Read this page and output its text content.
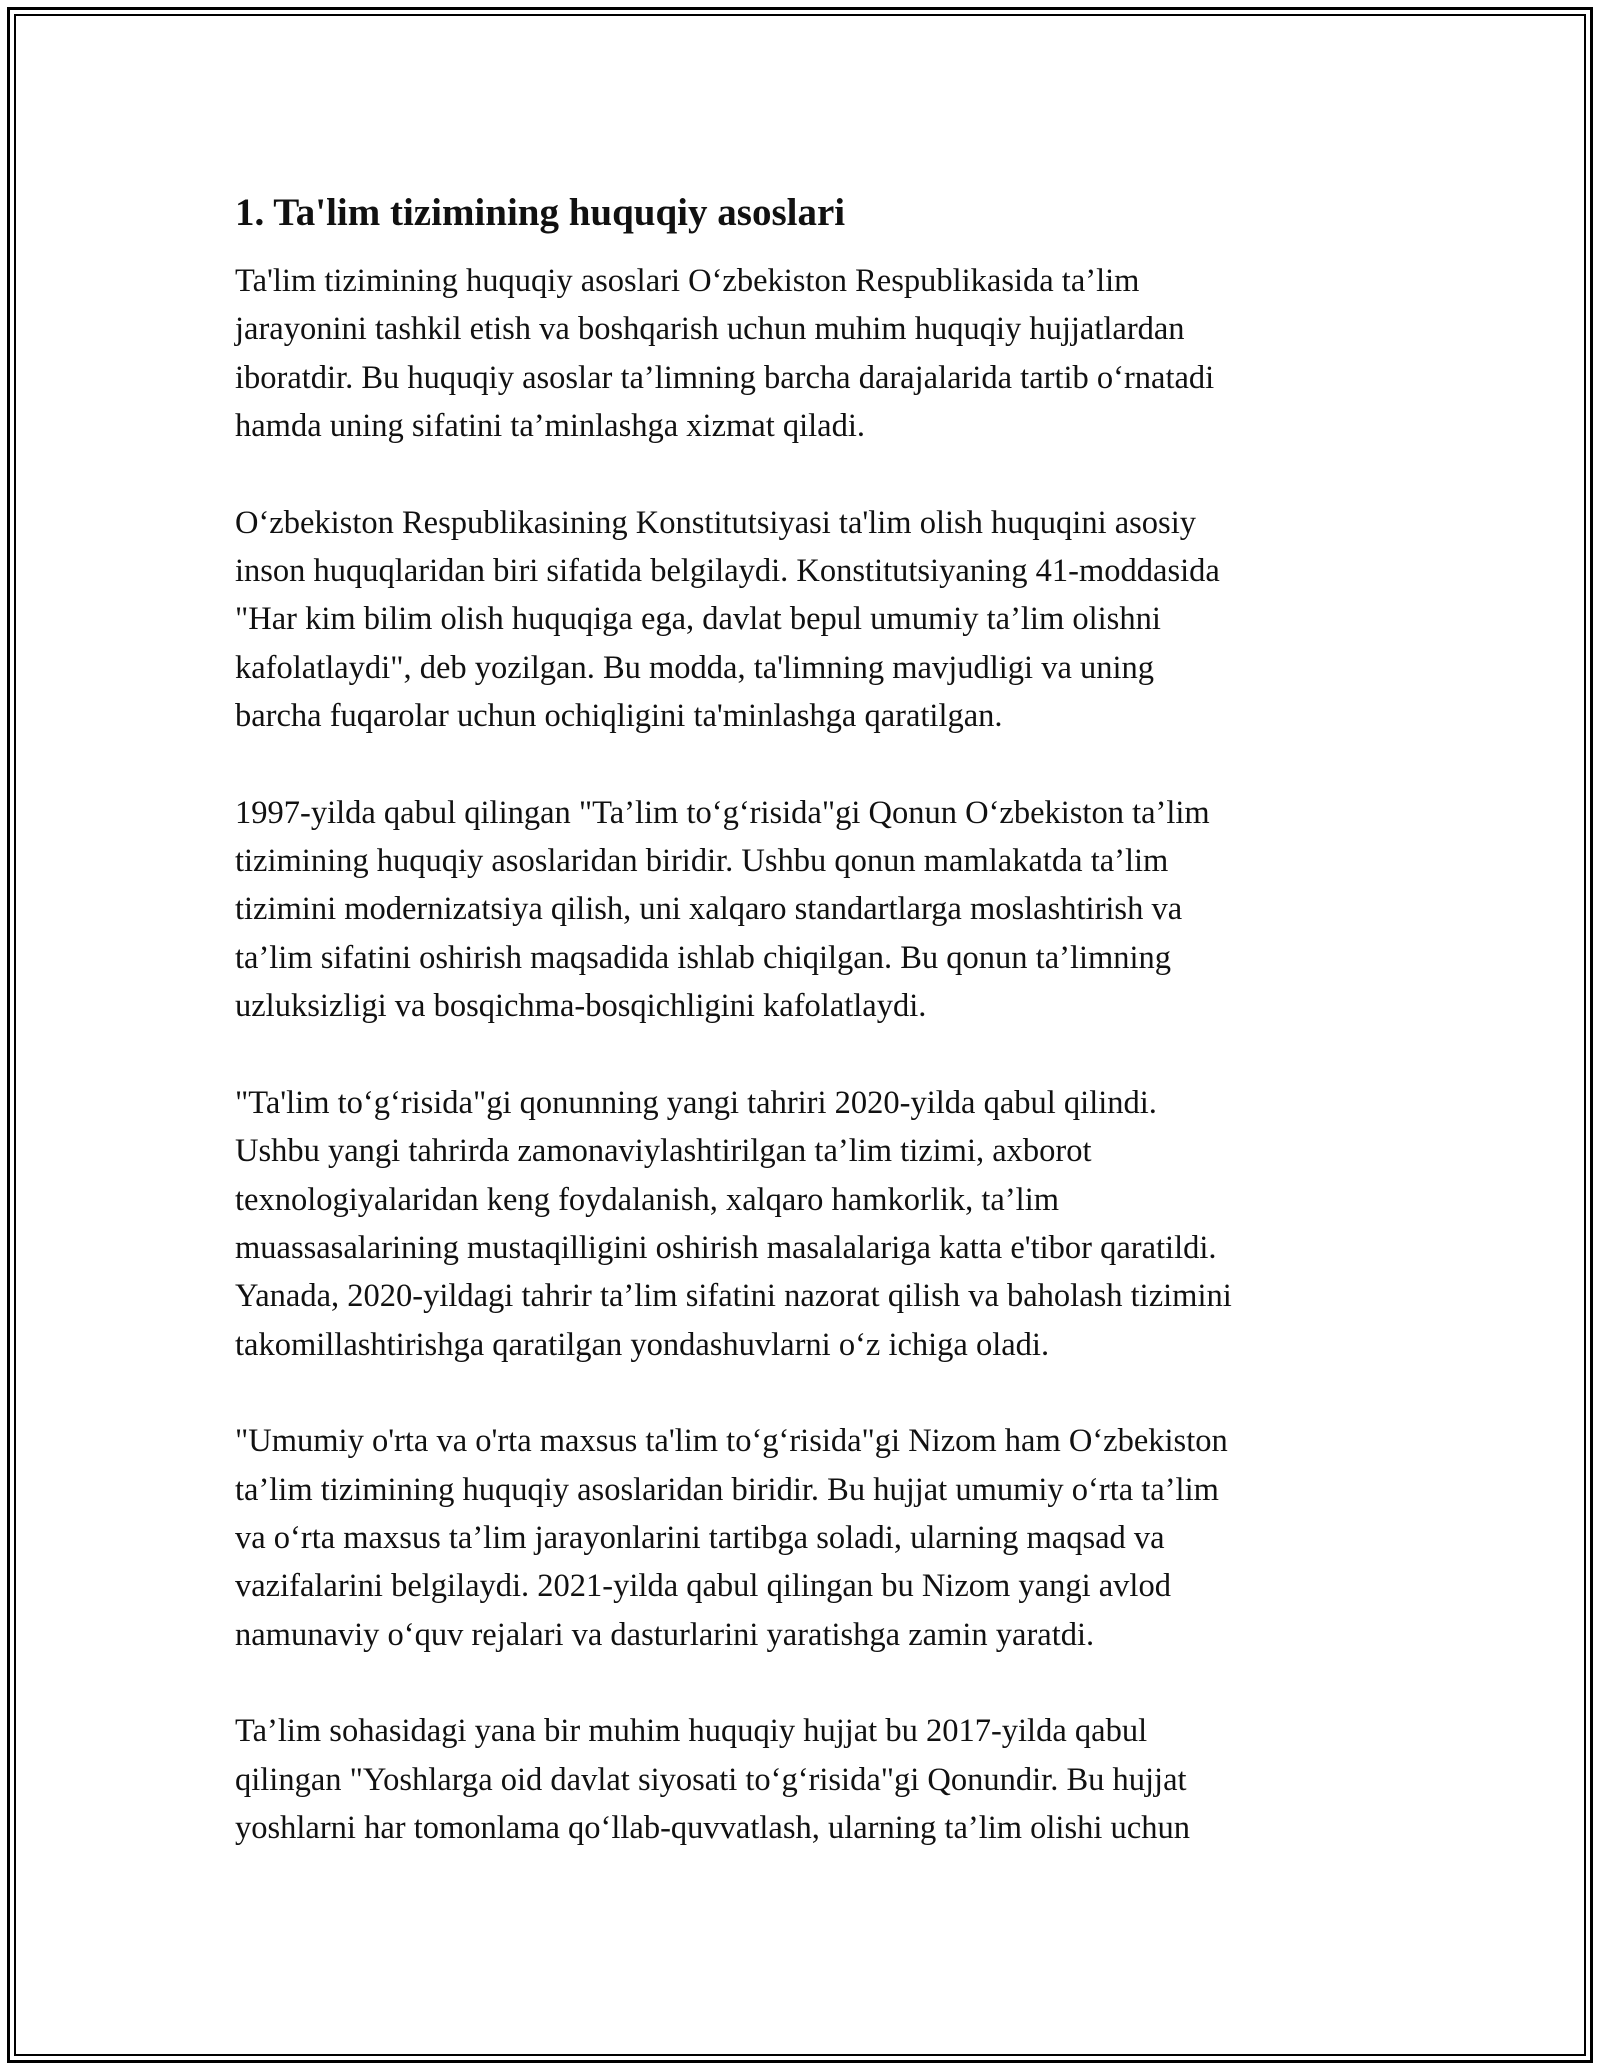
1. Ta'lim tizimining huquqiy asoslari

Ta'lim tizimining huquqiy asoslari O‘zbekiston Respublikasida ta’lim
jarayonini tashkil etish va boshqarish uchun muhim huquqiy hujjatlardan
iboratdir. Bu huquqiy asoslar ta’limning barcha darajalarida tartib o‘rnatadi
hamda uning sifatini ta’minlashga xizmat qiladi.

O‘zbekiston Respublikasining Konstitutsiyasi ta'lim olish huquqini asosiy
inson huquqlaridan biri sifatida belgilaydi. Konstitutsiyaning 41-moddasida
"Har kim bilim olish huquqiga ega, davlat bepul umumiy ta’lim olishni
kafolatlaydi", deb yozilgan. Bu modda, ta'limning mavjudligi va uning
barcha fuqarolar uchun ochiqligini ta'minlashga qaratilgan.

1997-yilda qabul qilingan "Ta’lim to‘g‘risida"gi Qonun O‘zbekiston ta’lim
tizimining huquqiy asoslaridan biridir. Ushbu qonun mamlakatda ta’lim
tizimini modernizatsiya qilish, uni xalqaro standartlarga moslashtirish va
ta’lim sifatini oshirish maqsadida ishlab chiqilgan. Bu qonun ta’limning
uzluksizligi va bosqichma-bosqichligini kafolatlaydi.

"Ta'lim to‘g‘risida"gi qonunning yangi tahriri 2020-yilda qabul qilindi.
Ushbu yangi tahrirda zamonaviylashtirilgan ta’lim tizimi, axborot
texnologiyalaridan keng foydalanish, xalqaro hamkorlik, ta’lim
muassasalarining mustaqilligini oshirish masalalariga katta e'tibor qaratildi.
Yanada, 2020-yildagi tahrir ta’lim sifatini nazorat qilish va baholash tizimini
takomillashtirishga qaratilgan yondashuvlarni o‘z ichiga oladi.

"Umumiy o'rta va o'rta maxsus ta'lim to‘g‘risida"gi Nizom ham O‘zbekiston
ta’lim tizimining huquqiy asoslaridan biridir. Bu hujjat umumiy o‘rta ta’lim
va o‘rta maxsus ta’lim jarayonlarini tartibga soladi, ularning maqsad va
vazifalarini belgilaydi. 2021-yilda qabul qilingan bu Nizom yangi avlod
namunaviy o‘quv rejalari va dasturlarini yaratishga zamin yaratdi.

Ta’lim sohasidagi yana bir muhim huquqiy hujjat bu 2017-yilda qabul
qilingan "Yoshlarga oid davlat siyosati to‘g‘risida"gi Qonundir. Bu hujjat
yoshlarni har tomonlama qo‘llab-quvvatlash, ularning ta’lim olishi uchun
